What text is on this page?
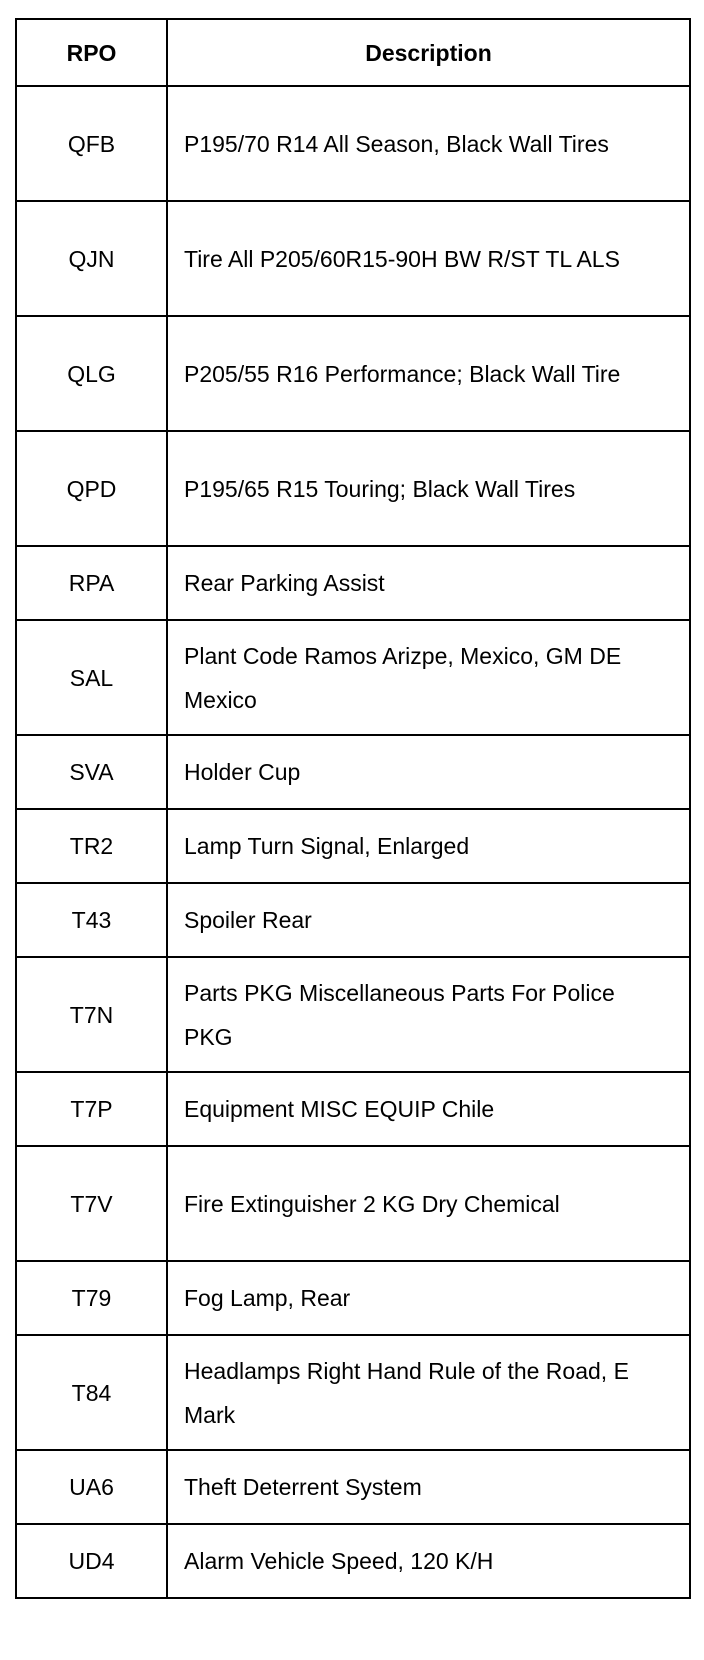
RPO	Description
QFB	P195/70 R14 All Season, Black Wall Tires
QJN	Tire All P205/60R15-90H BW R/ST TL ALS
QLG	P205/55 R16 Performance; Black Wall Tire
QPD	P195/65 R15 Touring; Black Wall Tires
RPA	Rear Parking Assist
SAL	Plant Code Ramos Arizpe, Mexico, GM DE Mexico
SVA	Holder Cup
TR2	Lamp Turn Signal, Enlarged
T43	Spoiler Rear
T7N	Parts PKG Miscellaneous Parts For Police PKG
T7P	Equipment MISC EQUIP Chile
T7V	Fire Extinguisher 2 KG Dry Chemical
T79	Fog Lamp, Rear
T84	Headlamps Right Hand Rule of the Road, E Mark
UA6	Theft Deterrent System
UD4	Alarm Vehicle Speed, 120 K/H
